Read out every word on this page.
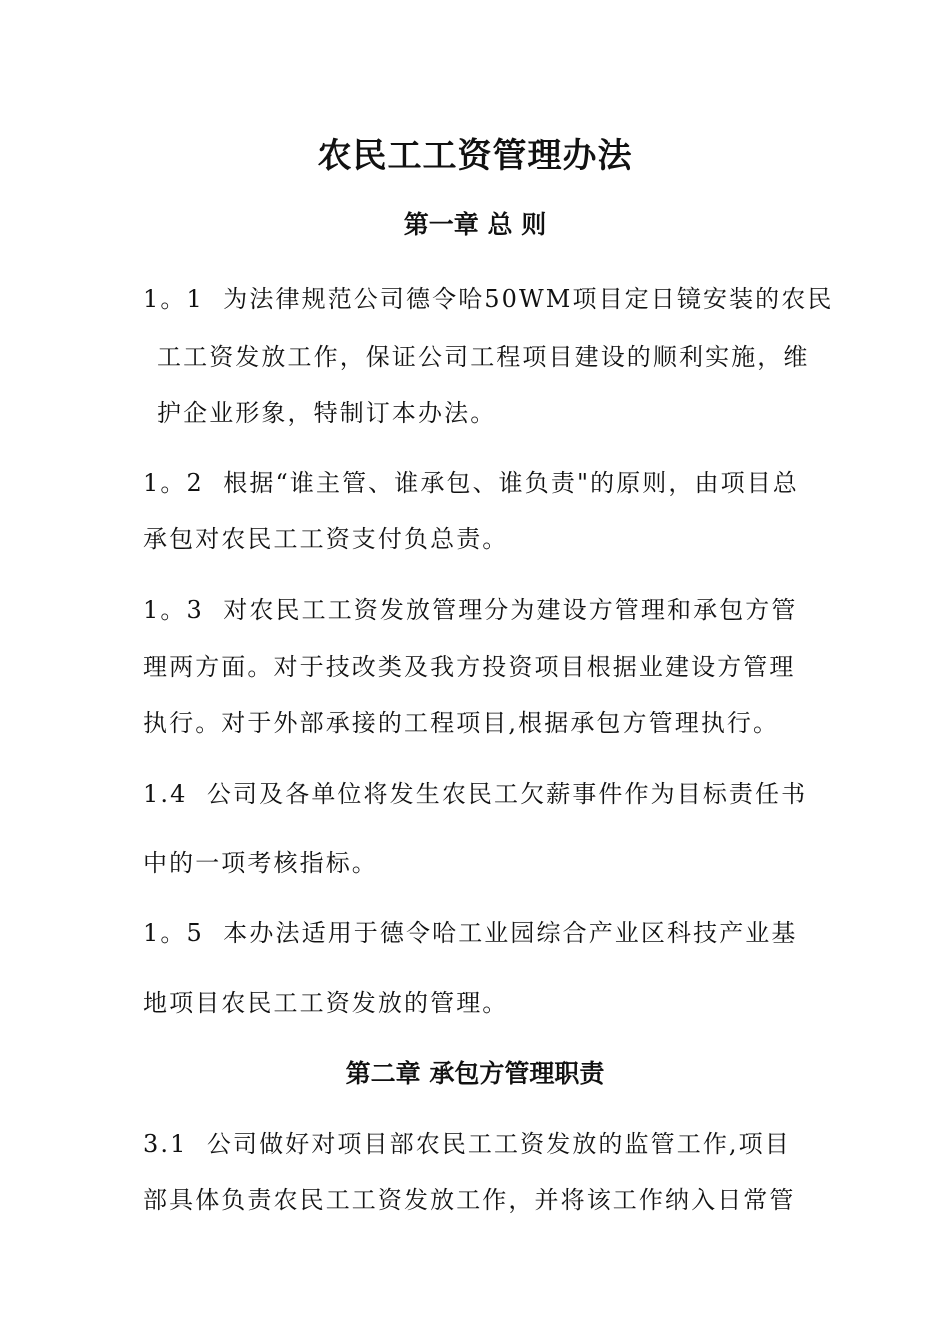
农民工工资管理办法
第一章 总 则
1。1  为法律规范公司德令哈50WM项目定日镜安装的农民
工工资发放工作，保证公司工程项目建设的顺利实施，维
护企业形象，特制订本办法。
1。2  根据“谁主管、谁承包、谁负责"的原则，由项目总
承包对农民工工资支付负总责。
1。3  对农民工工资发放管理分为建设方管理和承包方管
理两方面。对于技改类及我方投资项目根据业建设方管理
执行。对于外部承接的工程项目,根据承包方管理执行。
1.4  公司及各单位将发生农民工欠薪事件作为目标责任书
中的一项考核指标。
1。5  本办法适用于德令哈工业园综合产业区科技产业基
地项目农民工工资发放的管理。
第二章 承包方管理职责
3.1  公司做好对项目部农民工工资发放的监管工作,项目
部具体负责农民工工资发放工作，并将该工作纳入日常管
